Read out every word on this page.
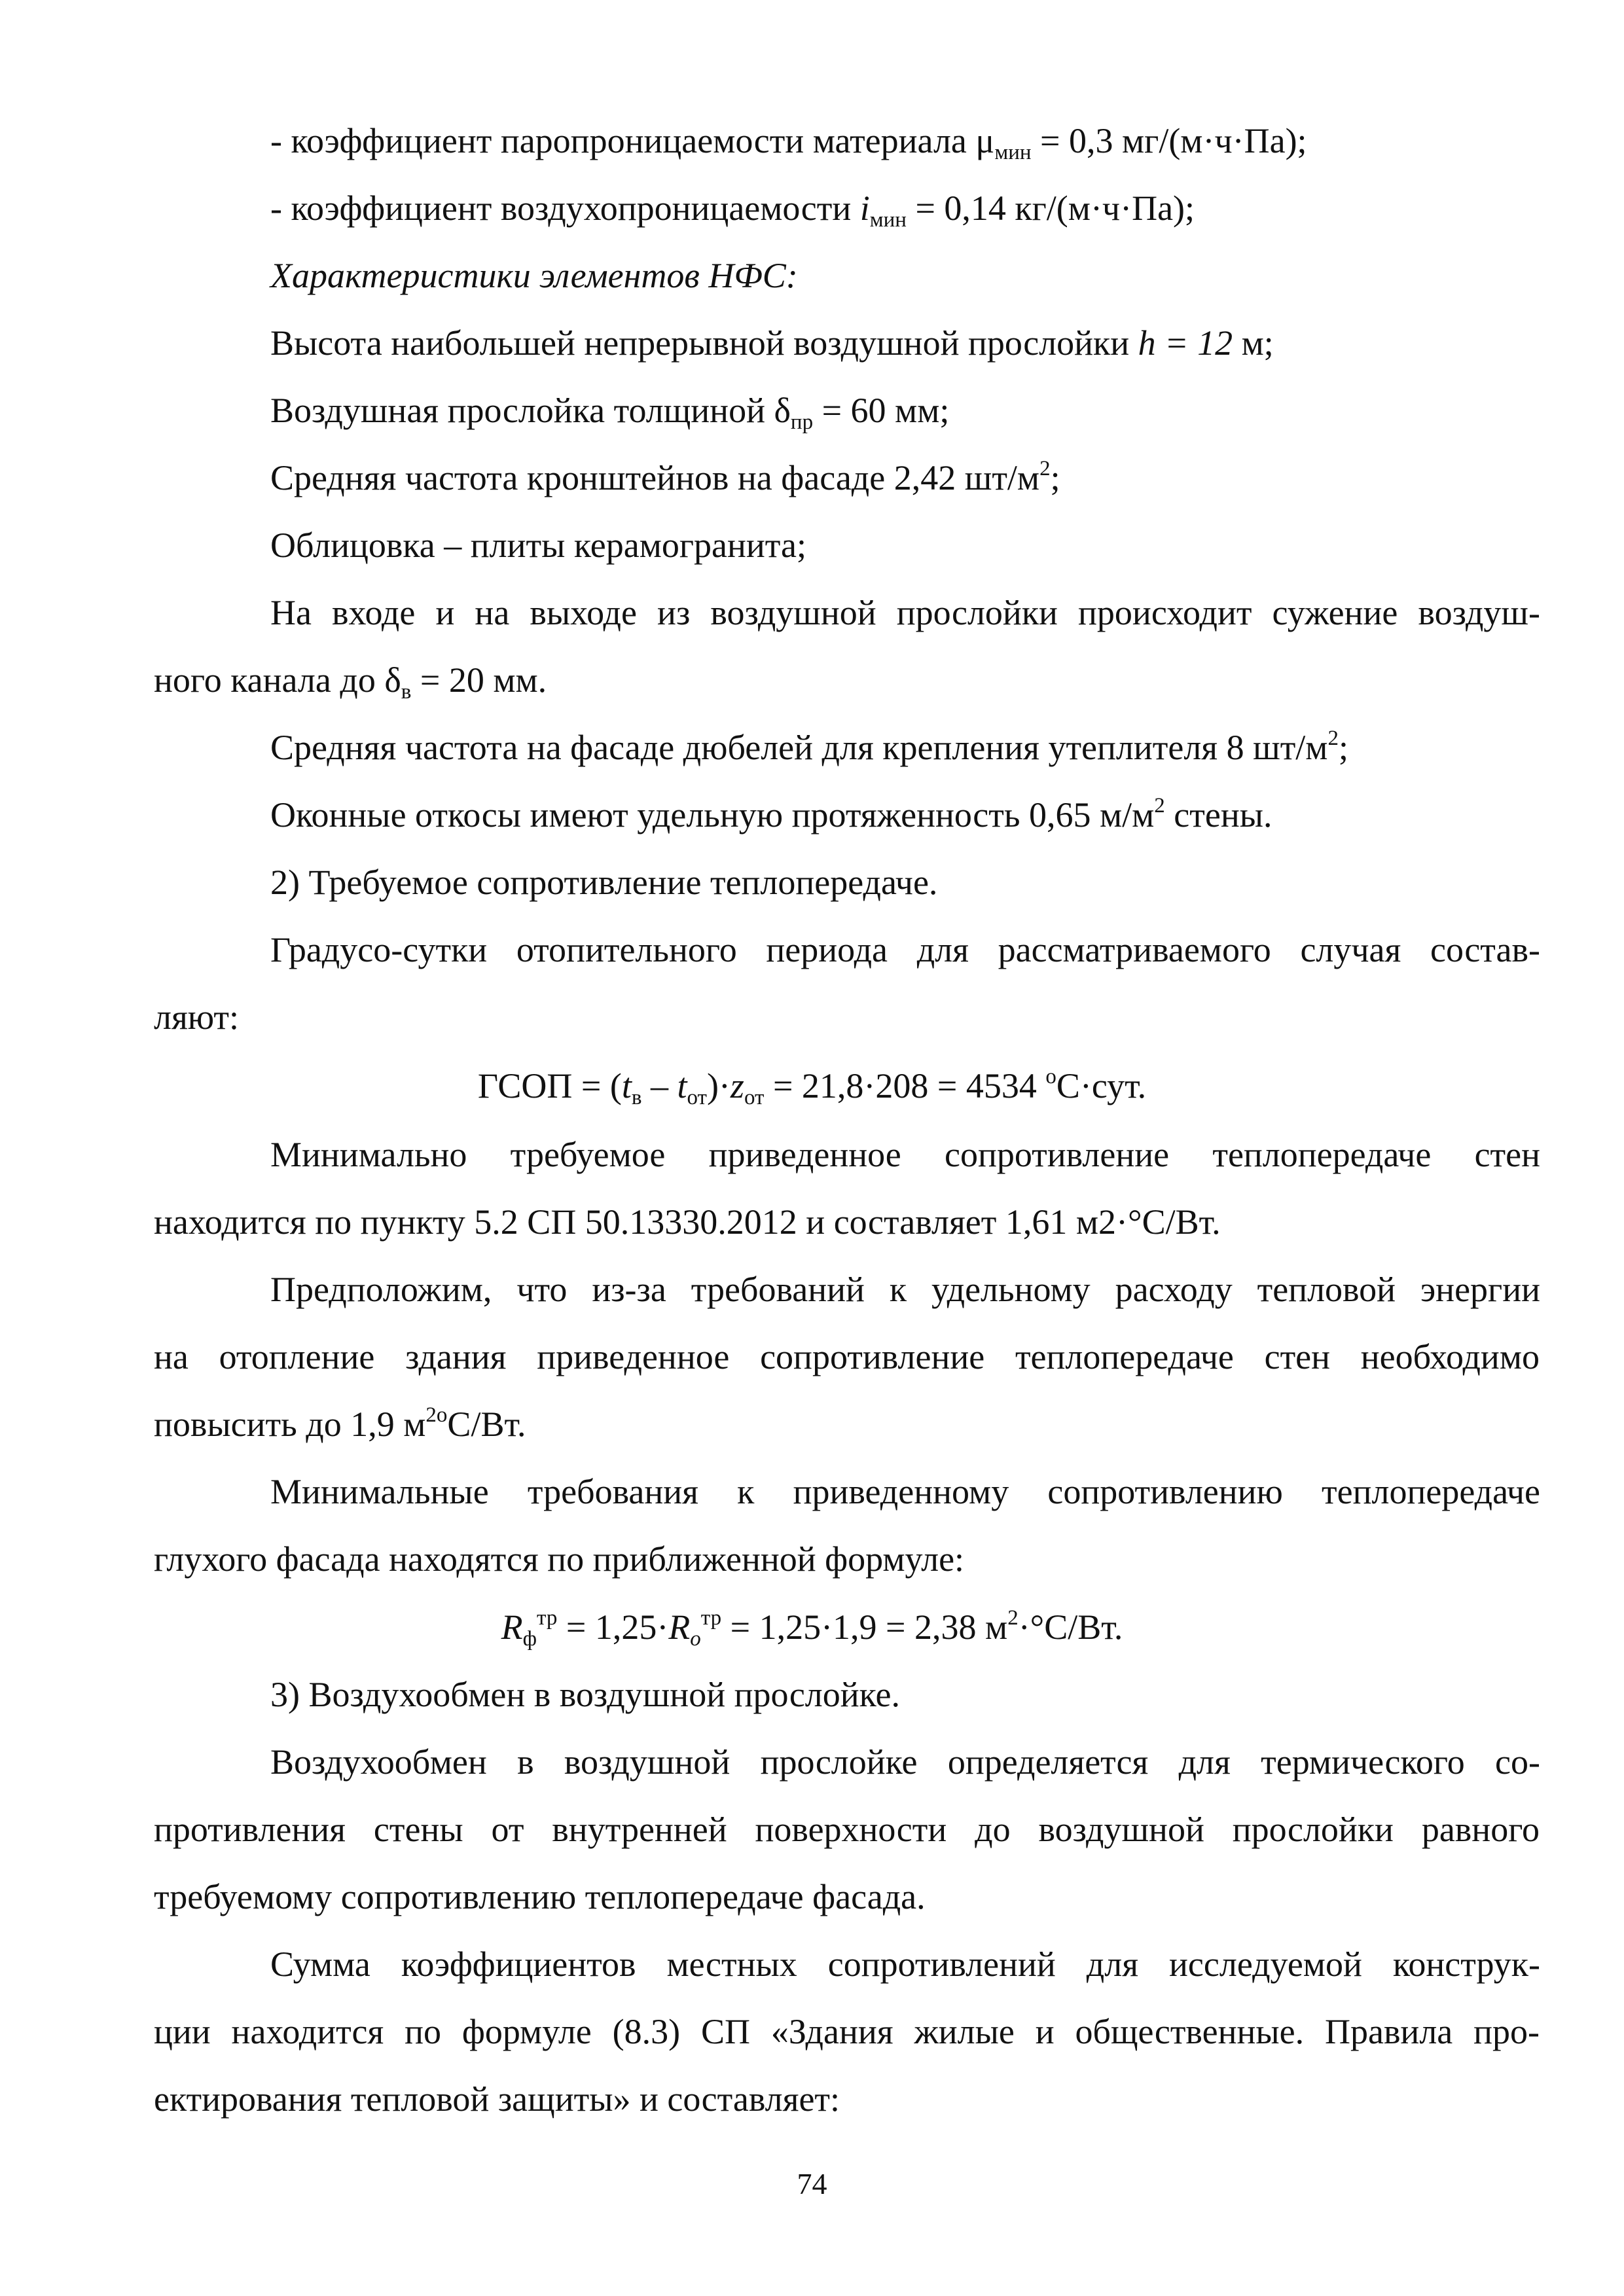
- коэффициент паропроницаемости материала $\mu_{мин} = 0,3$ мг/(м·ч·Па);
- коэффициент воздухопроницаемости $i_{мин} = 0,14$ кг/(м·ч·Па);
Характеристики элементов НФС:
Высота наибольшей непрерывной воздушной прослойки h = 12 м;
Воздушная прослойка толщиной $\delta_{пр} = 60$ мм;
Средняя частота кронштейнов на фасаде 2,42 $шт/м^2$;
Облицовка – плиты керамогранита;
На входе и на выходе из воздушной прослойки происходит сужение воздуш-
ного канала до $\delta_в = 20$ мм.
Средняя частота на фасаде дюбелей для крепления утеплителя 8 $шт/м^2$;
Оконные откосы имеют удельную протяженность 0,65 $м/м^2$ стены.
2) Требуемое сопротивление теплопередаче.
Градусо-сутки отопительного периода для рассматриваемого случая состав-
ляют:
ГСОП = $(t_в - t_{от})\cdot z_{от} = 21,8\cdot 208 = 4534$ $^о$С·сут.
Минимально требуемое приведенное сопротивление теплопередаче стен
находится по пункту 5.2 СП 50.13330.2012 и составляет 1,61 м2·°С/Вт.
Предположим, что из-за требований к удельному расходу тепловой энергии
на отопление здания приведенное сопротивление теплопередаче стен необходимо
повысить до 1,9 $м^{2о}С/Вт$.
Минимальные требования к приведенному сопротивлению теплопередаче
глухого фасада находятся по приближенной формуле:
$R_ф^{тр} = 1,25\cdot R_o^{тр} = 1,25\cdot 1,9 = 2,38$ $м^2\cdot^\circ С/Вт$.
3) Воздухообмен в воздушной прослойке.
Воздухообмен в воздушной прослойке определяется для термического со-
противления стены от внутренней поверхности до воздушной прослойки равного
требуемому сопротивлению теплопередаче фасада.
Сумма коэффициентов местных сопротивлений для исследуемой конструк-
ции находится по формуле (8.3) СП «Здания жилые и общественные. Правила про-
ектирования тепловой защиты» и составляет:
74
